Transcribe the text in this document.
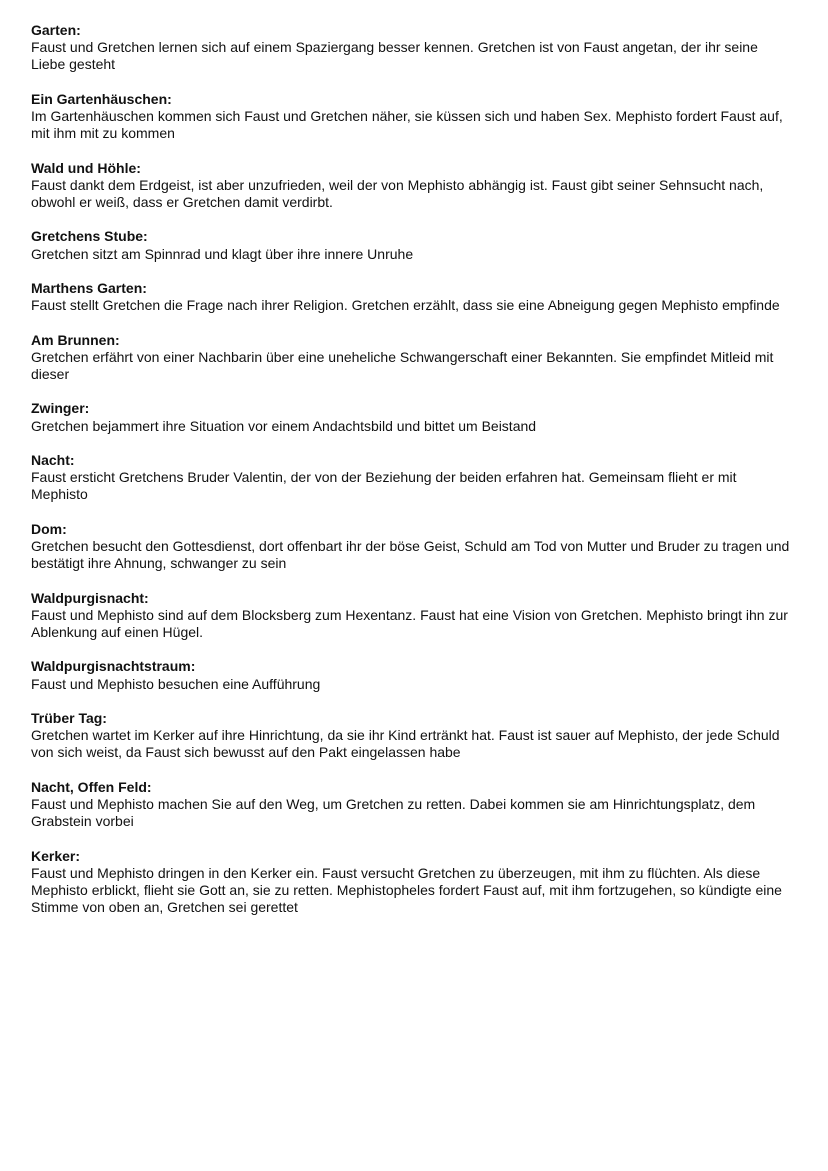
Garten:
Faust und Gretchen lernen sich auf einem Spaziergang besser kennen. Gretchen ist von Faust angetan, der ihr seine Liebe gesteht
Ein Gartenhäuschen:
Im Gartenhäuschen kommen sich Faust und Gretchen näher, sie küssen sich und haben Sex. Mephisto fordert Faust auf, mit ihm mit zu kommen
Wald und Höhle:
Faust dankt dem Erdgeist, ist aber unzufrieden, weil der von Mephisto abhängig ist. Faust gibt seiner Sehnsucht nach, obwohl er weiß, dass er Gretchen damit verdirbt.
Gretchens Stube:
Gretchen sitzt am Spinnrad und klagt über ihre innere Unruhe
Marthens Garten:
Faust stellt Gretchen die Frage nach ihrer Religion. Gretchen erzählt, dass sie eine Abneigung gegen Mephisto empfinde
Am Brunnen:
Gretchen erfährt von einer Nachbarin über eine uneheliche Schwangerschaft einer Bekannten. Sie empfindet Mitleid mit dieser
Zwinger:
Gretchen bejammert ihre Situation vor einem Andachtsbild und bittet um Beistand
Nacht:
Faust ersticht Gretchens Bruder Valentin, der von der Beziehung der beiden erfahren hat. Gemeinsam flieht er mit Mephisto
Dom:
Gretchen besucht den Gottesdienst, dort offenbart ihr der böse Geist, Schuld am Tod von Mutter und Bruder zu tragen und bestätigt ihre Ahnung, schwanger zu sein
Waldpurgisnacht:
Faust und Mephisto sind auf dem Blocksberg zum Hexentanz. Faust hat eine Vision von Gretchen. Mephisto bringt ihn zur Ablenkung auf einen Hügel.
Waldpurgisnachtstraum:
Faust und Mephisto besuchen eine Aufführung
Trüber Tag:
Gretchen wartet im Kerker auf ihre Hinrichtung, da sie ihr Kind ertränkt hat. Faust ist sauer auf Mephisto, der jede Schuld von sich weist, da Faust sich bewusst auf den Pakt eingelassen habe
Nacht, Offen Feld:
Faust und Mephisto machen Sie auf den Weg, um Gretchen zu retten. Dabei kommen sie am Hinrichtungsplatz, dem Grabstein vorbei
Kerker:
Faust und Mephisto dringen in den Kerker ein. Faust versucht Gretchen zu überzeugen, mit ihm zu flüchten. Als diese Mephisto erblickt, flieht sie Gott an, sie zu retten. Mephistopheles fordert Faust auf, mit ihm fortzugehen, so kündigte eine Stimme von oben an, Gretchen sei gerettet
